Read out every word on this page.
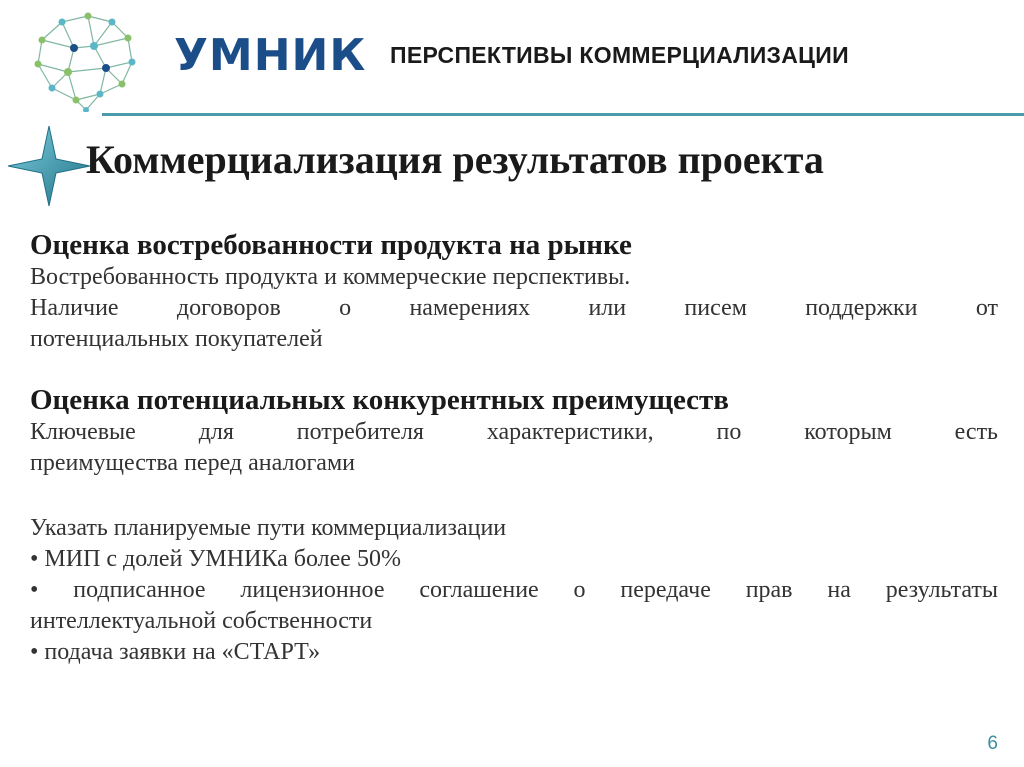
УМНИК ПЕРСПЕКТИВЫ КОММЕРЦИАЛИЗАЦИИ
Коммерциализация результатов проекта
Оценка востребованности продукта на рынке
Востребованность продукта и коммерческие перспективы.
Наличие договоров о намерениях или писем поддержки от
потенциальных покупателей
Оценка потенциальных конкурентных преимуществ
Ключевые для потребителя характеристики, по которым есть
преимущества перед аналогами
Указать планируемые пути коммерциализации
• МИП с долей УМНИКа более 50%
• подписанное лицензионное соглашение о передаче прав на результаты
интеллектуальной собственности
• подача заявки на «СТАРТ»
6
